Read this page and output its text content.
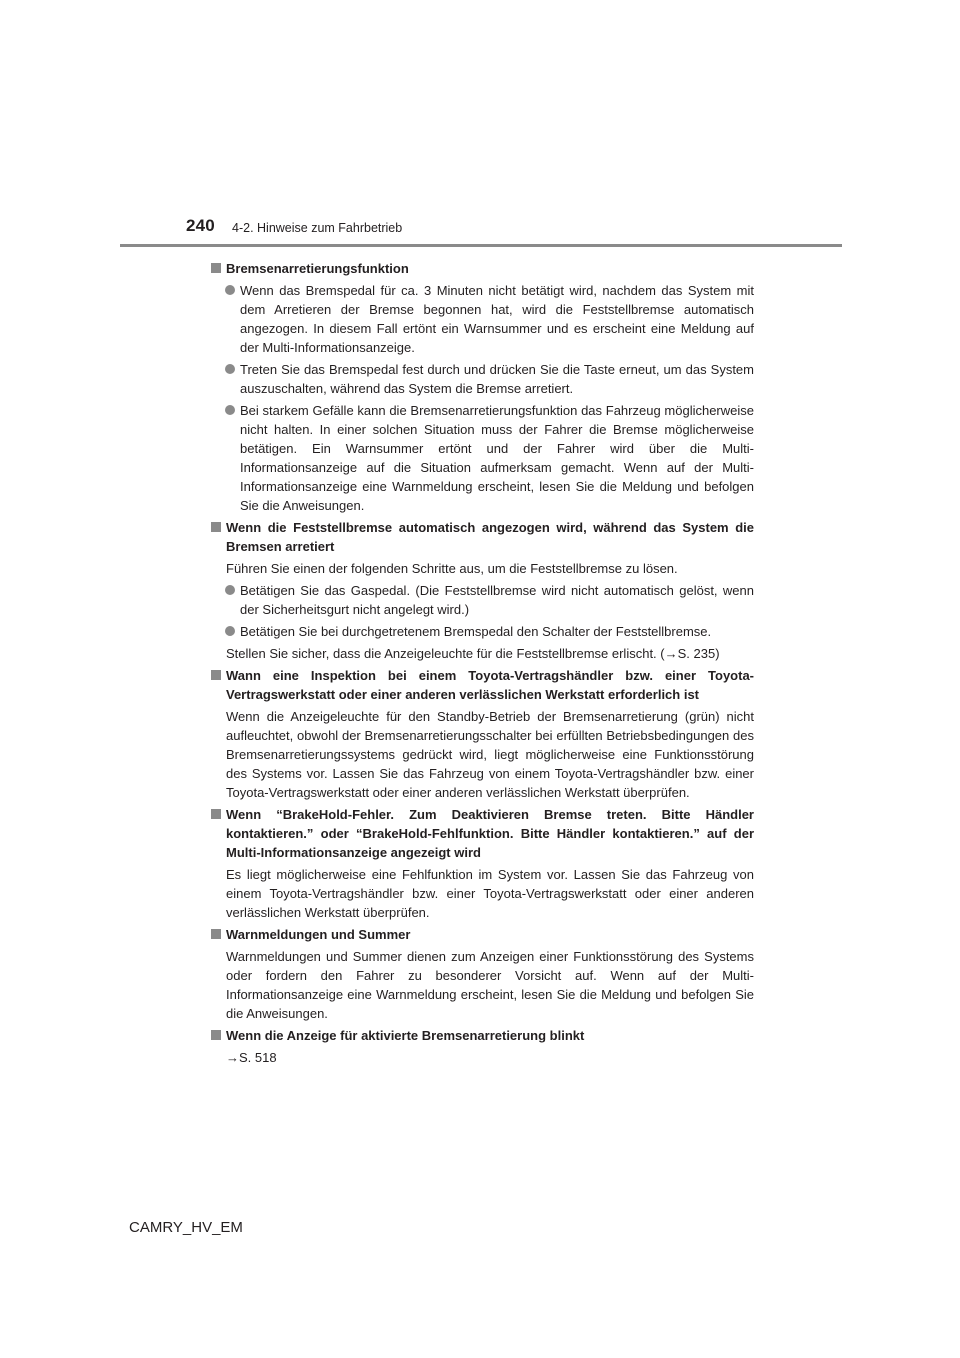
240 4-2. Hinweise zum Fahrbetrieb
Bremsenarretierungsfunktion
Wenn das Bremspedal für ca. 3 Minuten nicht betätigt wird, nachdem das System mit dem Arretieren der Bremse begonnen hat, wird die Feststellbremse automatisch angezogen. In diesem Fall ertönt ein Warnsummer und es erscheint eine Meldung auf der Multi-Informationsanzeige.
Treten Sie das Bremspedal fest durch und drücken Sie die Taste erneut, um das System auszuschalten, während das System die Bremse arretiert.
Bei starkem Gefälle kann die Bremsenarretierungsfunktion das Fahrzeug möglicherweise nicht halten. In einer solchen Situation muss der Fahrer die Bremse möglicherweise betätigen. Ein Warnsummer ertönt und der Fahrer wird über die Multi-Informationsanzeige auf die Situation aufmerksam gemacht. Wenn auf der Multi-Informationsanzeige eine Warnmeldung erscheint, lesen Sie die Meldung und befolgen Sie die Anweisungen.
Wenn die Feststellbremse automatisch angezogen wird, während das System die Bremsen arretiert
Führen Sie einen der folgenden Schritte aus, um die Feststellbremse zu lösen.
Betätigen Sie das Gaspedal. (Die Feststellbremse wird nicht automatisch gelöst, wenn der Sicherheitsgurt nicht angelegt wird.)
Betätigen Sie bei durchgetretenem Bremspedal den Schalter der Feststellbremse.
Stellen Sie sicher, dass die Anzeigeleuchte für die Feststellbremse erlischt. (→S. 235)
Wann eine Inspektion bei einem Toyota-Vertragshändler bzw. einer Toyota-Vertragswerkstatt oder einer anderen verlässlichen Werkstatt erforderlich ist
Wenn die Anzeigeleuchte für den Standby-Betrieb der Bremsenarretierung (grün) nicht aufleuchtet, obwohl der Bremsenarretierungsschalter bei erfüllten Betriebsbedingungen des Bremsenarretierungssystems gedrückt wird, liegt möglicherweise eine Funktionsstörung des Systems vor. Lassen Sie das Fahrzeug von einem Toyota-Vertragshändler bzw. einer Toyota-Vertragswerkstatt oder einer anderen verlässlichen Werkstatt überprüfen.
Wenn “BrakeHold-Fehler. Zum Deaktivieren Bremse treten. Bitte Händler kontaktieren.” oder “BrakeHold-Fehlfunktion. Bitte Händler kontaktieren.” auf der Multi-Informationsanzeige angezeigt wird
Es liegt möglicherweise eine Fehlfunktion im System vor. Lassen Sie das Fahrzeug von einem Toyota-Vertragshändler bzw. einer Toyota-Vertragswerkstatt oder einer anderen verlässlichen Werkstatt überprüfen.
Warnmeldungen und Summer
Warnmeldungen und Summer dienen zum Anzeigen einer Funktionsstörung des Systems oder fordern den Fahrer zu besonderer Vorsicht auf. Wenn auf der Multi-Informationsanzeige eine Warnmeldung erscheint, lesen Sie die Meldung und befolgen Sie die Anweisungen.
Wenn die Anzeige für aktivierte Bremsenarretierung blinkt
→S. 518
CAMRY_HV_EM
